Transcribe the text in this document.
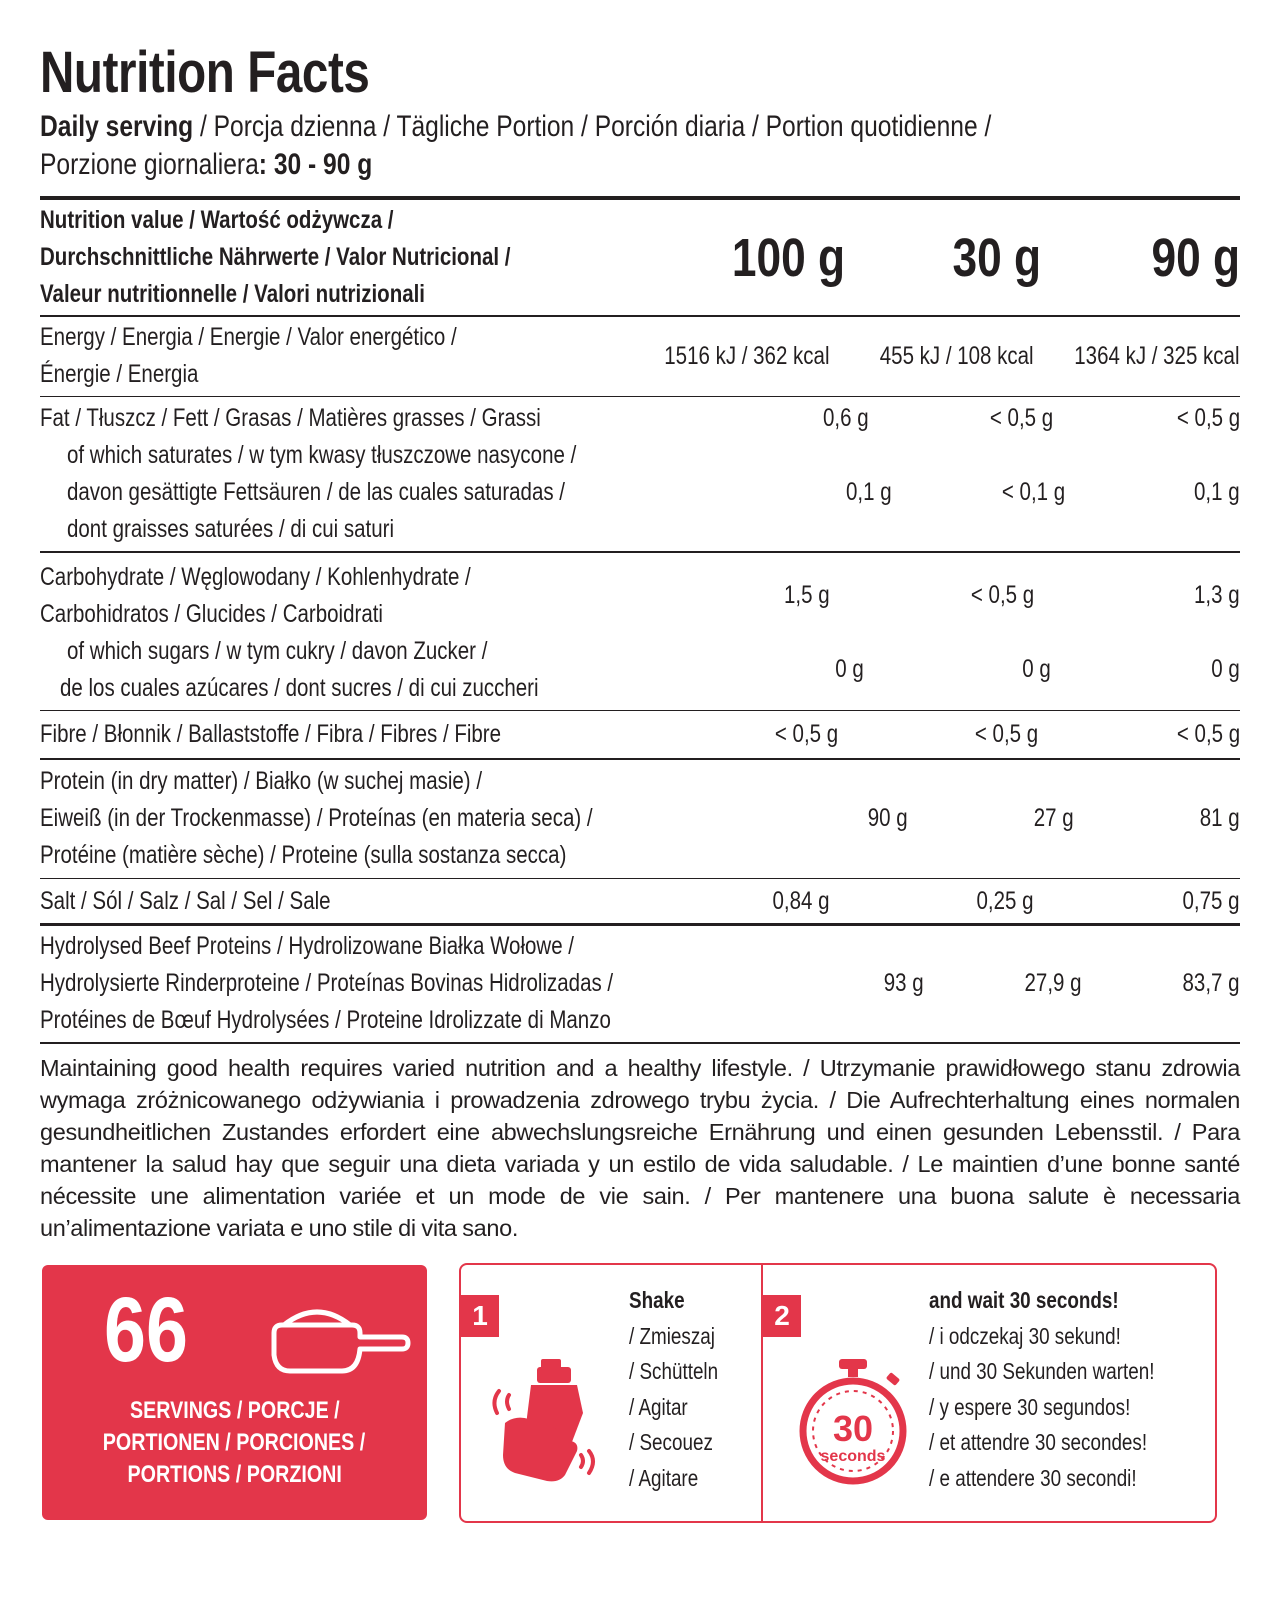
Nutrition Facts
Daily serving / Porcja dzienna / Tägliche Portion / Porción diaria / Portion quotidienne /
Porzione giornaliera: 30 - 90 g
Nutrition value / Wartość odżywcza /
Durchschnittliche Nährwerte / Valor Nutricional /
Valeur nutritionnelle / Valori nutrizionali
100 g	30 g	90 g
Energy / Energia / Energie / Valor energético /
Énergie / Energia
1516 kJ / 362 kcal	455 kJ / 108 kcal	1364 kJ / 325 kcal
Fat / Tłuszcz / Fett / Grasas / Matières grasses / Grassi	0,6 g	< 0,5 g	< 0,5 g
of which saturates / w tym kwasy tłuszczowe nasycone /
davon gesättigte Fettsäuren / de las cuales saturadas /
dont graisses saturées / di cui saturi
0,1 g	< 0,1 g	0,1 g
Carbohydrate / Węglowodany / Kohlenhydrate /
Carbohidratos / Glucides / Carboidrati
1,5 g	< 0,5 g	1,3 g
of which sugars / w tym cukry / davon Zucker /
de los cuales azúcares / dont sucres / di cui zuccheri
0 g	0 g	0 g
Fibre / Błonnik / Ballaststoffe / Fibra / Fibres / Fibre	< 0,5 g	< 0,5 g	< 0,5 g
Protein (in dry matter) / Białko (w suchej masie) /
Eiweiß (in der Trockenmasse) / Proteínas (en materia seca) /
Protéine (matière sèche) / Proteine (sulla sostanza secca)
90 g	27 g	81 g
Salt / Sól / Salz / Sal / Sel / Sale	0,84 g	0,25 g	0,75 g
Hydrolysed Beef Proteins / Hydrolizowane Białka Wołowe /
Hydrolysierte Rinderproteine / Proteínas Bovinas Hidrolizadas /
Protéines de Bœuf Hydrolysées / Proteine Idrolizzate di Manzo
93 g	27,9 g	83,7 g
Maintaining good health requires varied nutrition and a healthy lifestyle. / Utrzymanie prawidłowego stanu zdrowia wymaga zróżnicowanego odżywiania i prowadzenia zdrowego trybu życia. / Die Aufrechterhaltung eines normalen gesundheitlichen Zustandes erfordert eine abwechslungsreiche Ernährung und einen gesunden Lebensstil. / Para mantener la salud hay que seguir una dieta variada y un estilo de vida saludable. / Le maintien d’une bonne santé nécessite une alimentation variée et un mode de vie sain. / Per mantenere una buona salute è necessaria un’alimentazione variata e uno stile di vita sano.
66
SERVINGS / PORCJE /
PORTIONEN / PORCIONES /
PORTIONS / PORZIONI
1	Shake
/ Zmieszaj
/ Schütteln
/ Agitar
/ Secouez
/ Agitare
2
30
seconds
and wait 30 seconds!
/ i odczekaj 30 sekund!
/ und 30 Sekunden warten!
/ y espere 30 segundos!
/ et attendre 30 secondes!
/ e attendere 30 secondi!
